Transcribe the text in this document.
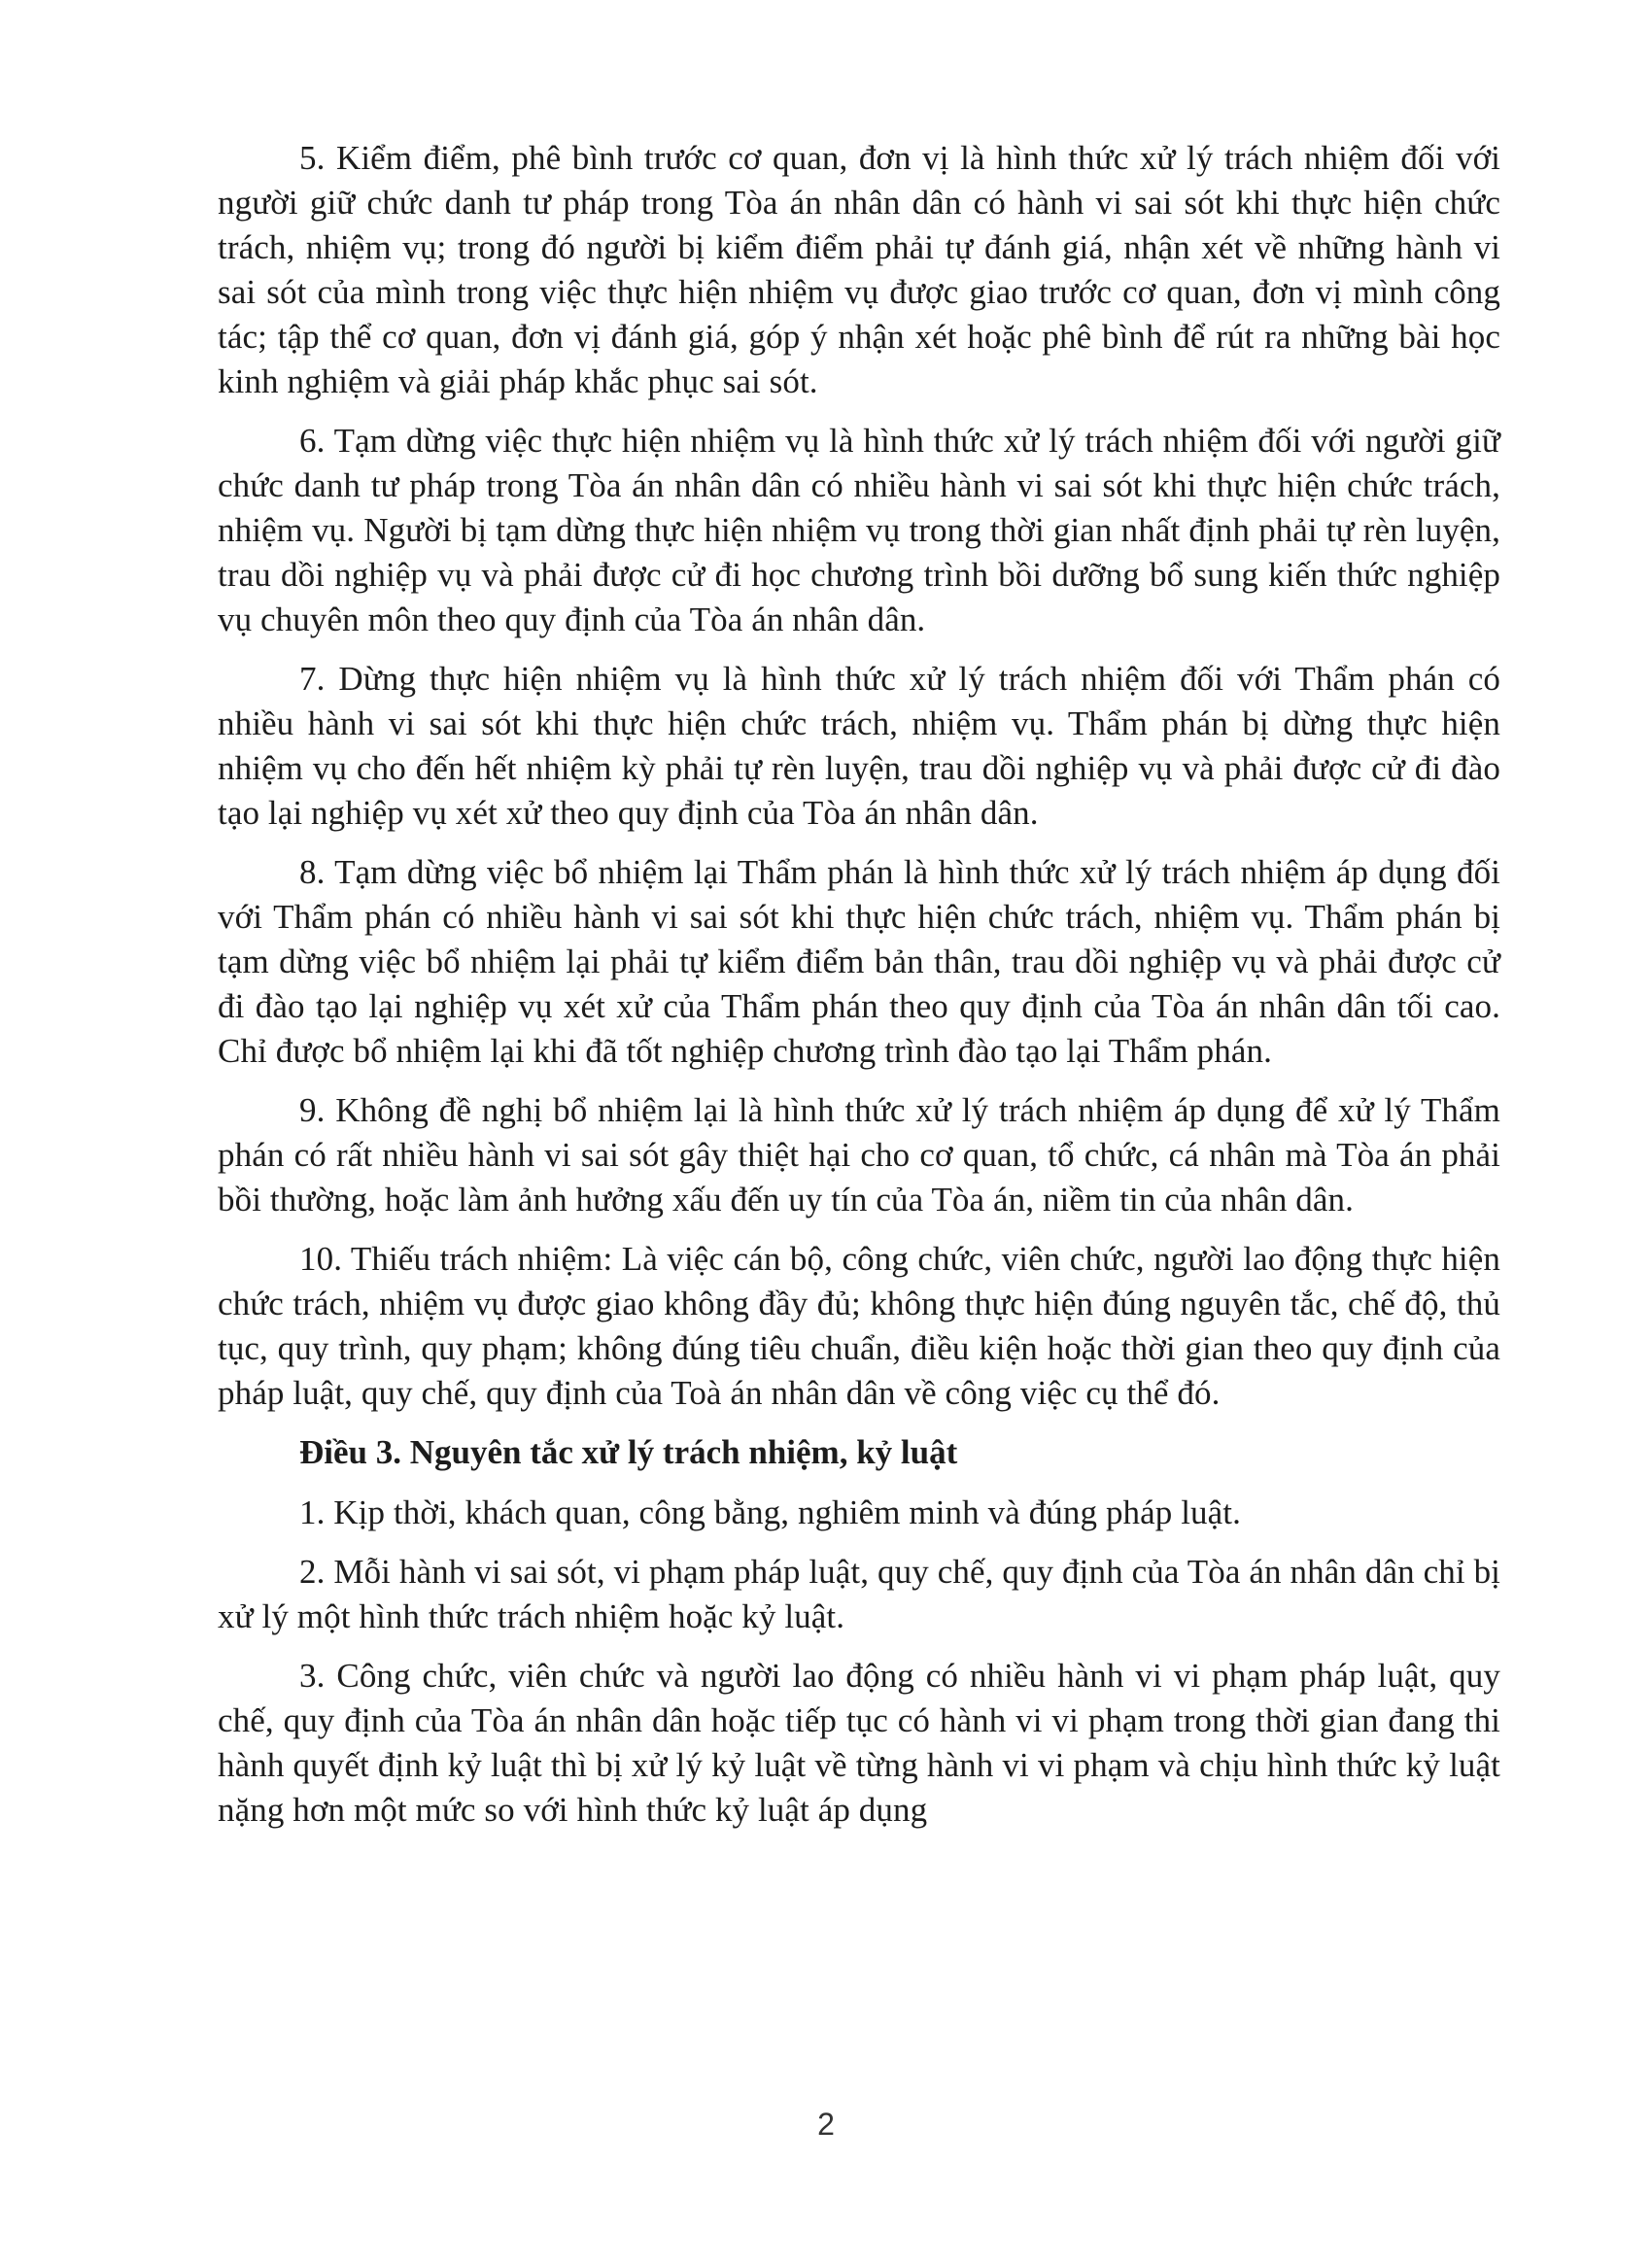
5. Kiểm điểm, phê bình trước cơ quan, đơn vị là hình thức xử lý trách nhiệm đối với người giữ chức danh tư pháp trong Tòa án nhân dân có hành vi sai sót khi thực hiện chức trách, nhiệm vụ; trong đó người bị kiểm điểm phải tự đánh giá, nhận xét về những hành vi sai sót của mình trong việc thực hiện nhiệm vụ được giao trước cơ quan, đơn vị mình công tác; tập thể cơ quan, đơn vị đánh giá, góp ý nhận xét hoặc phê bình để rút ra những bài học kinh nghiệm và giải pháp khắc phục sai sót.

6. Tạm dừng việc thực hiện nhiệm vụ là hình thức xử lý trách nhiệm đối với người giữ chức danh tư pháp trong Tòa án nhân dân có nhiều hành vi sai sót khi thực hiện chức trách, nhiệm vụ. Người bị tạm dừng thực hiện nhiệm vụ trong thời gian nhất định phải tự rèn luyện, trau dồi nghiệp vụ và phải được cử đi học chương trình bồi dưỡng bổ sung kiến thức nghiệp vụ chuyên môn theo quy định của Tòa án nhân dân.

7. Dừng thực hiện nhiệm vụ là hình thức xử lý trách nhiệm đối với Thẩm phán có nhiều hành vi sai sót khi thực hiện chức trách, nhiệm vụ. Thẩm phán bị dừng thực hiện nhiệm vụ cho đến hết nhiệm kỳ phải tự rèn luyện, trau dồi nghiệp vụ và phải được cử đi đào tạo lại nghiệp vụ xét xử theo quy định của Tòa án nhân dân.

8. Tạm dừng việc bổ nhiệm lại Thẩm phán là hình thức xử lý trách nhiệm áp dụng đối với Thẩm phán có nhiều hành vi sai sót khi thực hiện chức trách, nhiệm vụ. Thẩm phán bị tạm dừng việc bổ nhiệm lại phải tự kiểm điểm bản thân, trau dồi nghiệp vụ và phải được cử đi đào tạo lại nghiệp vụ xét xử của Thẩm phán theo quy định của Tòa án nhân dân tối cao. Chỉ được bổ nhiệm lại khi đã tốt nghiệp chương trình đào tạo lại Thẩm phán.

9. Không đề nghị bổ nhiệm lại là hình thức xử lý trách nhiệm áp dụng để xử lý Thẩm phán có rất nhiều hành vi sai sót gây thiệt hại cho cơ quan, tổ chức, cá nhân mà Tòa án phải bồi thường, hoặc làm ảnh hưởng xấu đến uy tín của Tòa án, niềm tin của nhân dân.

10. Thiếu trách nhiệm: Là việc cán bộ, công chức, viên chức, người lao động thực hiện chức trách, nhiệm vụ được giao không đầy đủ; không thực hiện đúng nguyên tắc, chế độ, thủ tục, quy trình, quy phạm; không đúng tiêu chuẩn, điều kiện hoặc thời gian theo quy định của pháp luật, quy chế, quy định của Toà án nhân dân về công việc cụ thể đó.

Điều 3. Nguyên tắc xử lý trách nhiệm, kỷ luật

1. Kịp thời, khách quan, công bằng, nghiêm minh và đúng pháp luật.

2. Mỗi hành vi sai sót, vi phạm pháp luật, quy chế, quy định của Tòa án nhân dân chỉ bị xử lý một hình thức trách nhiệm hoặc kỷ luật.

3. Công chức, viên chức và người lao động có nhiều hành vi vi phạm pháp luật, quy chế, quy định của Tòa án nhân dân hoặc tiếp tục có hành vi vi phạm trong thời gian đang thi hành quyết định kỷ luật thì bị xử lý kỷ luật về từng hành vi vi phạm và chịu hình thức kỷ luật nặng hơn một mức so với hình thức kỷ luật áp dụng

2
